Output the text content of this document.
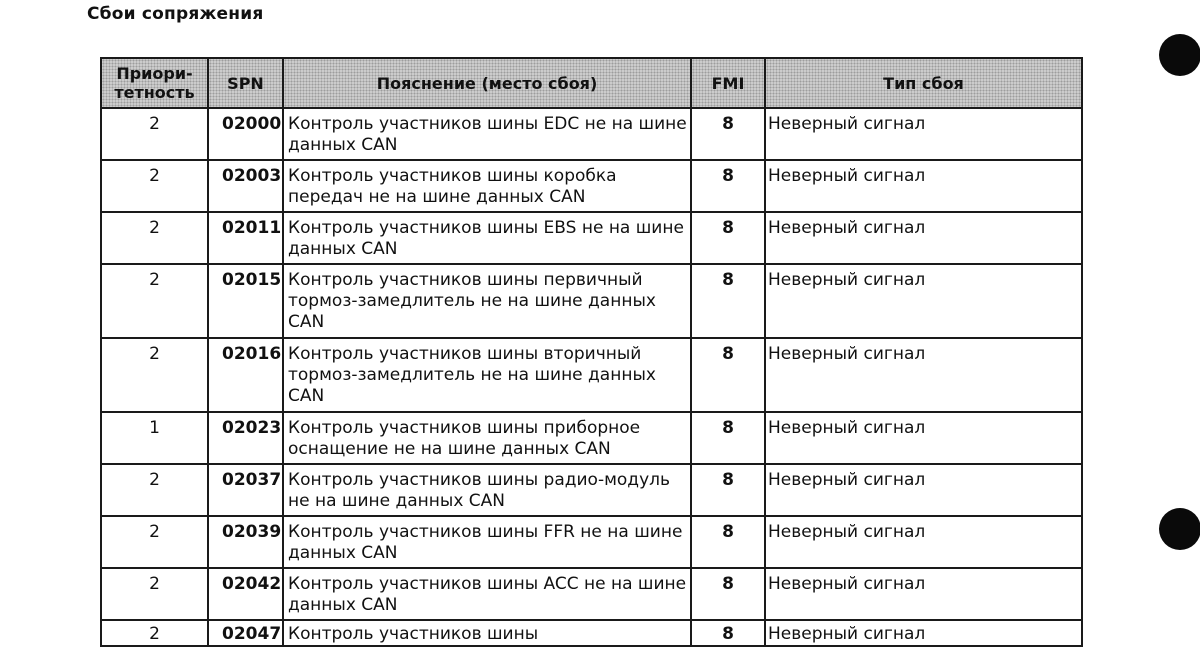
Сбои сопряжения
Приори-тетность	SPN	Пояснение (место сбоя)	FMI	Тип сбоя
2	02000	Контроль участников шины EDC не на шине данных CAN	8	Неверный сигнал
2	02003	Контроль участников шины коробка передач не на шине данных CAN	8	Неверный сигнал
2	02011	Контроль участников шины EBS не на шине данных CAN	8	Неверный сигнал
2	02015	Контроль участников шины первичный тормоз-замедлитель не на шине данных CAN	8	Неверный сигнал
2	02016	Контроль участников шины вторичный тормоз-замедлитель не на шине данных CAN	8	Неверный сигнал
1	02023	Контроль участников шины приборное оснащение не на шине данных CAN	8	Неверный сигнал
2	02037	Контроль участников шины радио-модуль не на шине данных CAN	8	Неверный сигнал
2	02039	Контроль участников шины FFR не на шине данных CAN	8	Неверный сигнал
2	02042	Контроль участников шины ACC не на шине данных CAN	8	Неверный сигнал
2	02047	Контроль участников шины	8	Неверный сигнал
